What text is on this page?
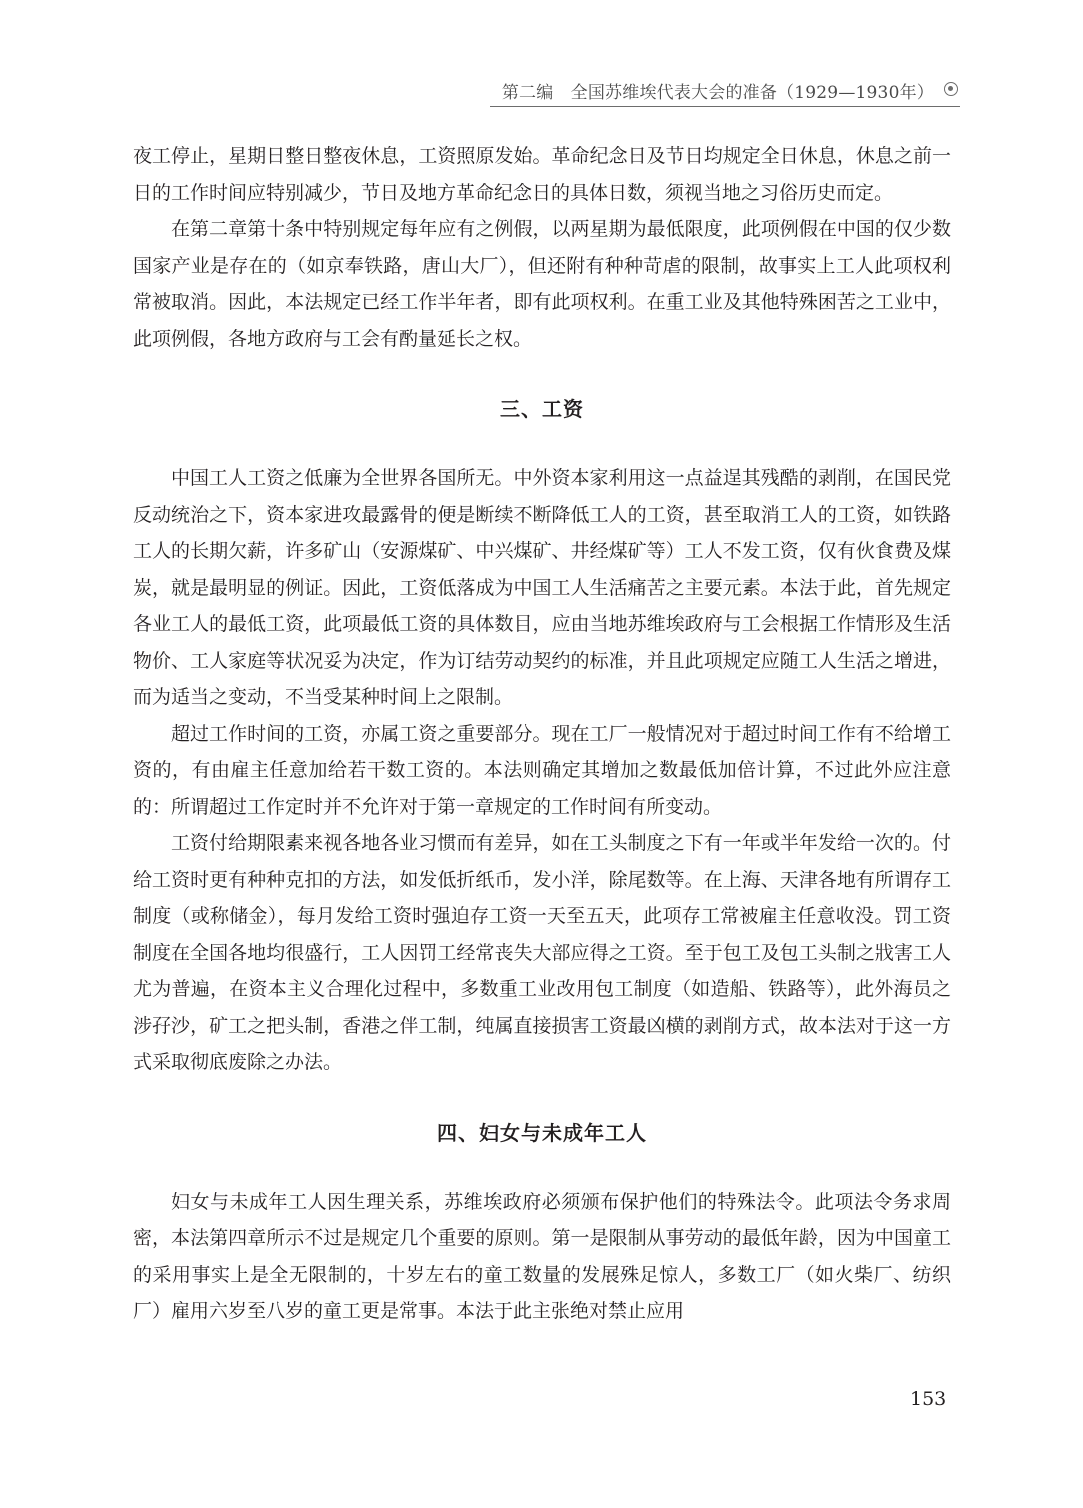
第二编　全国苏维埃代表大会的准备（1929—1930年）

夜工停止，星期日整日整夜休息，工资照原发始。革命纪念日及节日均规定全日休息，休息之前一日的工作时间应特别减少，节日及地方革命纪念日的具体日数，须视当地之习俗历史而定。

在第二章第十条中特别规定每年应有之例假，以两星期为最低限度，此项例假在中国的仅少数国家产业是存在的（如京奉铁路，唐山大厂），但还附有种种苛虐的限制，故事实上工人此项权利常被取消。因此，本法规定已经工作半年者，即有此项权利。在重工业及其他特殊困苦之工业中，此项例假，各地方政府与工会有酌量延长之权。

三、工资

中国工人工资之低廉为全世界各国所无。中外资本家利用这一点益逞其残酷的剥削，在国民党反动统治之下，资本家进攻最露骨的便是断续不断降低工人的工资，甚至取消工人的工资，如铁路工人的长期欠薪，许多矿山（安源煤矿、中兴煤矿、井经煤矿等）工人不发工资，仅有伙食费及煤炭，就是最明显的例证。因此，工资低落成为中国工人生活痛苦之主要元素。本法于此，首先规定各业工人的最低工资，此项最低工资的具体数目，应由当地苏维埃政府与工会根据工作情形及生活物价、工人家庭等状况妥为决定，作为订结劳动契约的标准，并且此项规定应随工人生活之增进，而为适当之变动，不当受某种时间上之限制。

超过工作时间的工资，亦属工资之重要部分。现在工厂一般情况对于超过时间工作有不给增工资的，有由雇主任意加给若干数工资的。本法则确定其增加之数最低加倍计算，不过此外应注意的：所谓超过工作定时并不允许对于第一章规定的工作时间有所变动。

工资付给期限素来视各地各业习惯而有差异，如在工头制度之下有一年或半年发给一次的。付给工资时更有种种克扣的方法，如发低折纸币，发小洋，除尾数等。在上海、天津各地有所谓存工制度（或称储金），每月发给工资时强迫存工资一天至五天，此项存工常被雇主任意收没。罚工资制度在全国各地均很盛行，工人因罚工经常丧失大部应得之工资。至于包工及包工头制之戕害工人尤为普遍，在资本主义合理化过程中，多数重工业改用包工制度（如造船、铁路等），此外海员之涉孖沙，矿工之把头制，香港之伴工制，纯属直接损害工资最凶横的剥削方式，故本法对于这一方式采取彻底废除之办法。

四、妇女与未成年工人

妇女与未成年工人因生理关系，苏维埃政府必须颁布保护他们的特殊法令。此项法令务求周密，本法第四章所示不过是规定几个重要的原则。第一是限制从事劳动的最低年龄，因为中国童工的采用事实上是全无限制的，十岁左右的童工数量的发展殊足惊人，多数工厂（如火柴厂、纺织厂）雇用六岁至八岁的童工更是常事。本法于此主张绝对禁止应用

153
